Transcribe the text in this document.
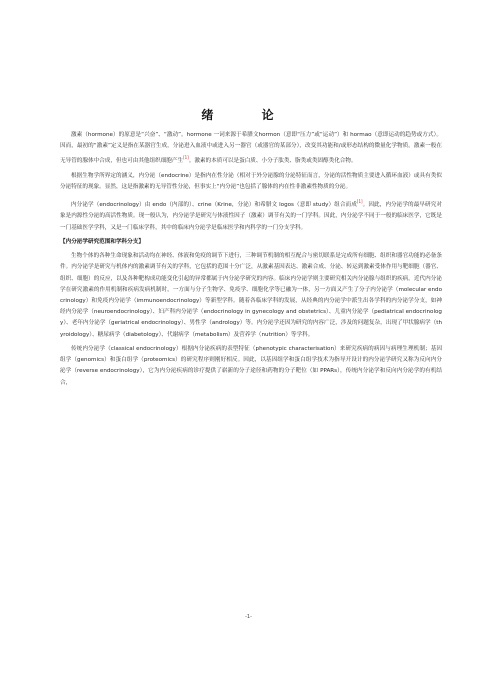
绪 论

激素（hormone）的原意是“兴奋”、“激动”。hormone 一词来源于希腊文hormon（意即“压力”或“运动”）和 hormao（意即运动的趋势或方式）。因而，最初的“激素”定义是指在某器官生成，分泌进入血液中或进入另一器官（或器官的某部分），改变其功能和/或形态结构的微量化学物质。激素一般在无导管的腺体中合成，但也可由其他组织细胞产生[1]。激素的本质可以是蛋白质、小分子肽类、脂类或类固醇类化合物。

根据生物学所界定的涵义，内分泌（endocrine）是指内在性分泌（相对于外分泌腺的分泌特征而言，分泌的活性物质主要进入循环血液）或具有类似分泌特征的现象。显然，这是指激素的无导管性分泌，但事实上“内分泌”也包括了腺体的内在性非激素性物质的分泌。

内分泌学（endocrinology）由 endo（内部的）、crine（Krine，分泌）和希腊文 logos（意即 study）组合而成[1]。因此，内分泌学的最早研究对象是内源性分泌的高活性物质。现一般认为，内分泌学是研究与体液性因子（激素）调节有关的一门学科。因此，内分泌学不同于一般的临床医学，它既是一门基础医学学科，又是一门临床学科，其中的临床内分泌学是临床医学和内科学的一门分支学科。

【内分泌学研究范围和学科分支】

生物个体的各种生命现象和活动均在神经、体液和免疫的调节下进行，三种调节机制的相互配合与密切联系是完成所有细胞、组织和器官功能的必备条件。内分泌学是研究与机体内的激素调节有关的学科，它包括的范围十分广泛，从激素基因表达、激素合成、分泌、转运到激素受体作用与靶细胞（器官、组织、细胞）的反应，以及各种靶构成功能变化引起的异常都属于内分泌学研究的内容。临床内分泌学则主要研究相关内分泌腺与组织的疾病。近代内分泌学在研究激素的作用机制和疾病发病机制时，一方面与分子生物学、免疫学、细胞化学等已融为一体，另一方面又产生了分子内分泌学（molecular endocrinology）和免疫内分泌学（immunoendocrinology）等新型学科。随着各临床学科的发展，从经典的内分泌学中派生出各学科的内分泌学分支，如神经内分泌学（neuroendocrinology）、妇产科内分泌学（endocrinology in gynecology and obstetrics）、儿童内分泌学（pediatrical endocrinology）、老年内分泌学（geriatrical endocrinology）、男性学（andrology）等。内分泌学还因为研究的内容广泛，涉及的问题复杂，出现了甲状腺病学（thyroidology）、糖尿病学（diabetology）、代谢病学（metabolism）及营养学（nutrition）等学科。

传统内分泌学（classical endocrinology）根据内分泌疾病的表型特征（phenotypic characterisation）来研究疾病的病因与病理生理机制；基因组学（genomics）和蛋白组学（proteomics）的研究程序则刚好相反。因此，以基因组学和蛋白组学技术为指导开设计的内分泌学研究又称为反向内分泌学（reverse endocrinology），它为内分泌疾病的诊疗提供了崭新的分子途径和药物的分子靶位（如 PPARs），传统内分泌学和反向内分泌学的有机结合，

-1-
